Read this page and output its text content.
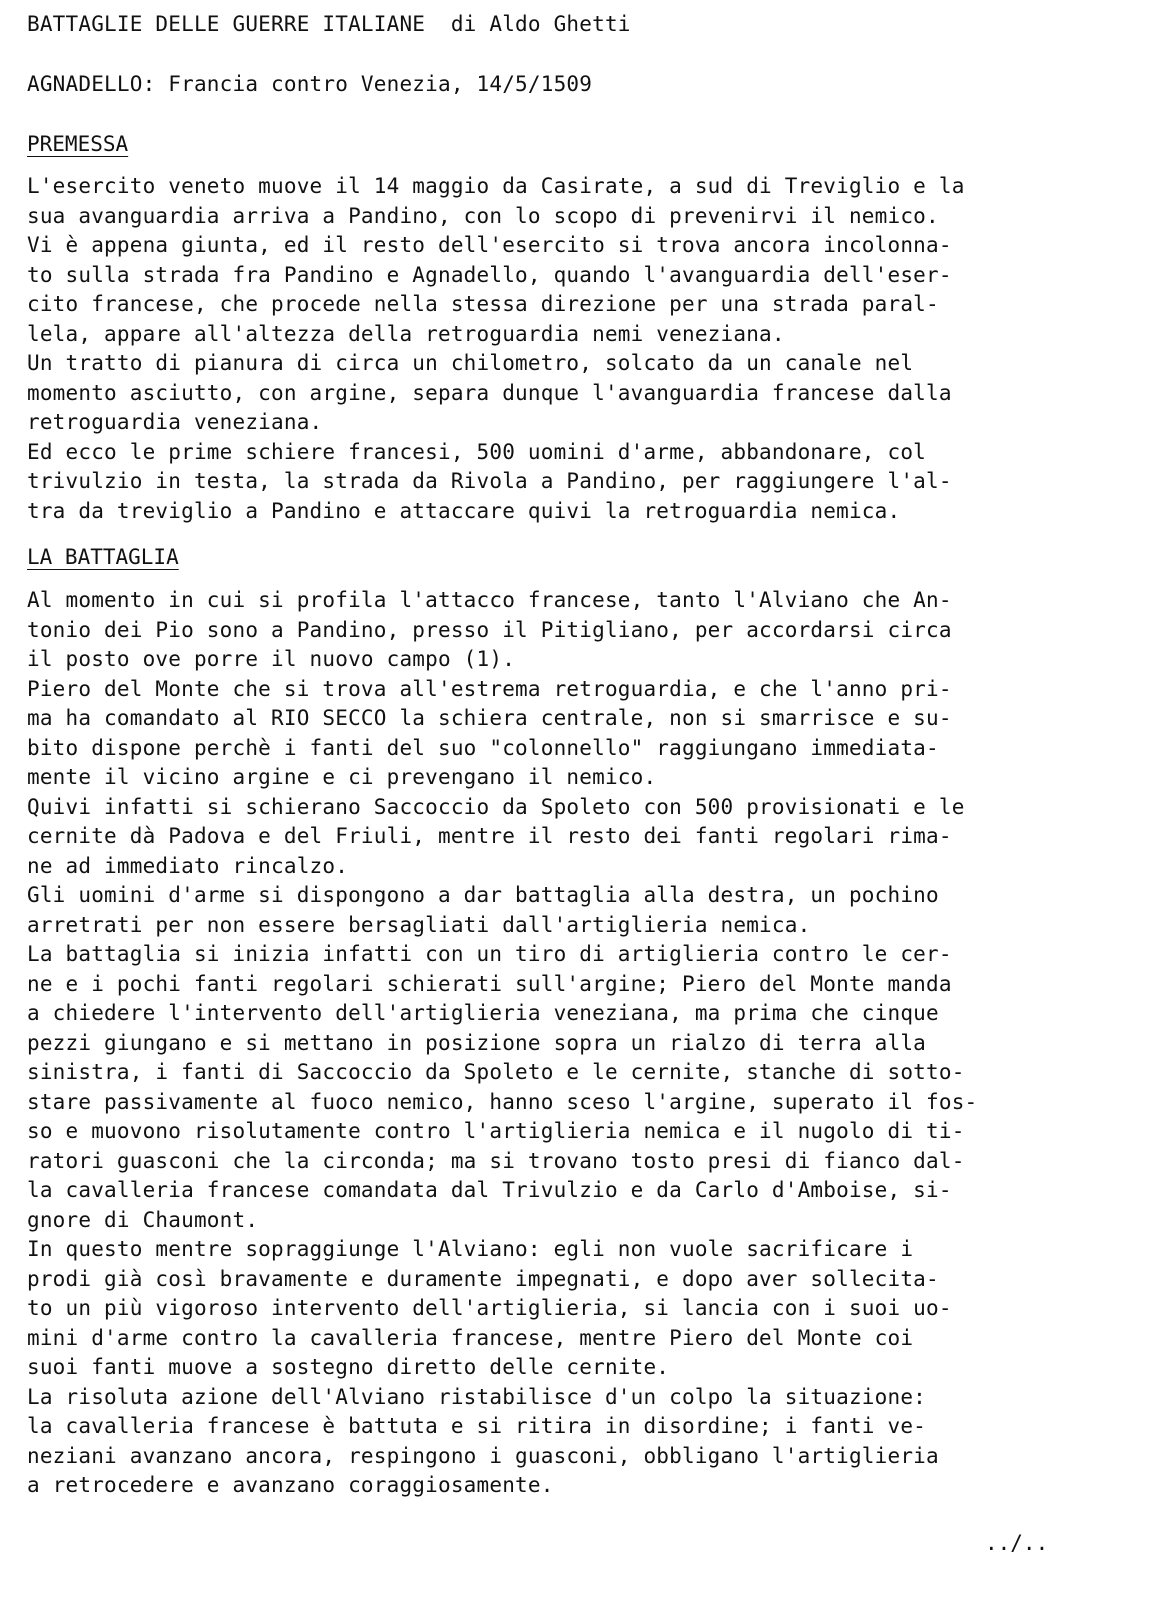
BATTAGLIE DELLE GUERRE ITALIANE  di Aldo Ghetti

AGNADELLO: Francia contro Venezia, 14/5/1509

PREMESSA

L'esercito veneto muove il 14 maggio da Casirate, a sud di Treviglio e la

sua avanguardia arriva a Pandino, con lo scopo di prevenirvi il nemico.

Vi è appena giunta, ed il resto dell'esercito si trova ancora incolonna-

to sulla strada fra Pandino e Agnadello, quando l'avanguardia dell'eser-

cito francese, che procede nella stessa direzione per una strada paral-

lela, appare all'altezza della retroguardia nemi veneziana.

Un tratto di pianura di circa un chilometro, solcato da un canale nel

momento asciutto, con argine, separa dunque l'avanguardia francese dalla

retroguardia veneziana.

Ed ecco le prime schiere francesi, 500 uomini d'arme, abbandonare, col

trivulzio in testa, la strada da Rivola a Pandino, per raggiungere l'al-

tra da treviglio a Pandino e attaccare quivi la retroguardia nemica.

LA BATTAGLIA

Al momento in cui si profila l'attacco francese, tanto l'Alviano che An-

tonio dei Pio sono a Pandino, presso il Pitigliano, per accordarsi circa

il posto ove porre il nuovo campo (1).

Piero del Monte che si trova all'estrema retroguardia, e che l'anno pri-

ma ha comandato al RIO SECCO la schiera centrale, non si smarrisce e su-

bito dispone perchè i fanti del suo "colonnello" raggiungano immediata-

mente il vicino argine e ci prevengano il nemico.

Quivi infatti si schierano Saccoccio da Spoleto con 500 provisionati e le

cernite dà Padova e del Friuli, mentre il resto dei fanti regolari rima-

ne ad immediato rincalzo.

Gli uomini d'arme si dispongono a dar battaglia alla destra, un pochino

arretrati per non essere bersagliati dall'artiglieria nemica.

La battaglia si inizia infatti con un tiro di artiglieria contro le cer-

ne e i pochi fanti regolari schierati sull'argine; Piero del Monte manda

a chiedere l'intervento dell'artiglieria veneziana, ma prima che cinque

pezzi giungano e si mettano in posizione sopra un rialzo di terra alla

sinistra, i fanti di Saccoccio da Spoleto e le cernite, stanche di sotto-

stare passivamente al fuoco nemico, hanno sceso l'argine, superato il fos-

so e muovono risolutamente contro l'artiglieria nemica e il nugolo di ti-

ratori guasconi che la circonda; ma si trovano tosto presi di fianco dal-

la cavalleria francese comandata dal Trivulzio e da Carlo d'Amboise, si-

gnore di Chaumont.

In questo mentre sopraggiunge l'Alviano: egli non vuole sacrificare i

prodi già così bravamente e duramente impegnati, e dopo aver sollecita-

to un più vigoroso intervento dell'artiglieria, si lancia con i suoi uo-

mini d'arme contro la cavalleria francese, mentre Piero del Monte coi

suoi fanti muove a sostegno diretto delle cernite.

La risoluta azione dell'Alviano ristabilisce d'un colpo la situazione:

la cavalleria francese è battuta e si ritira in disordine; i fanti ve-

neziani avanzano ancora, respingono i guasconi, obbligano l'artiglieria

a retrocedere e avanzano coraggiosamente.

../..
